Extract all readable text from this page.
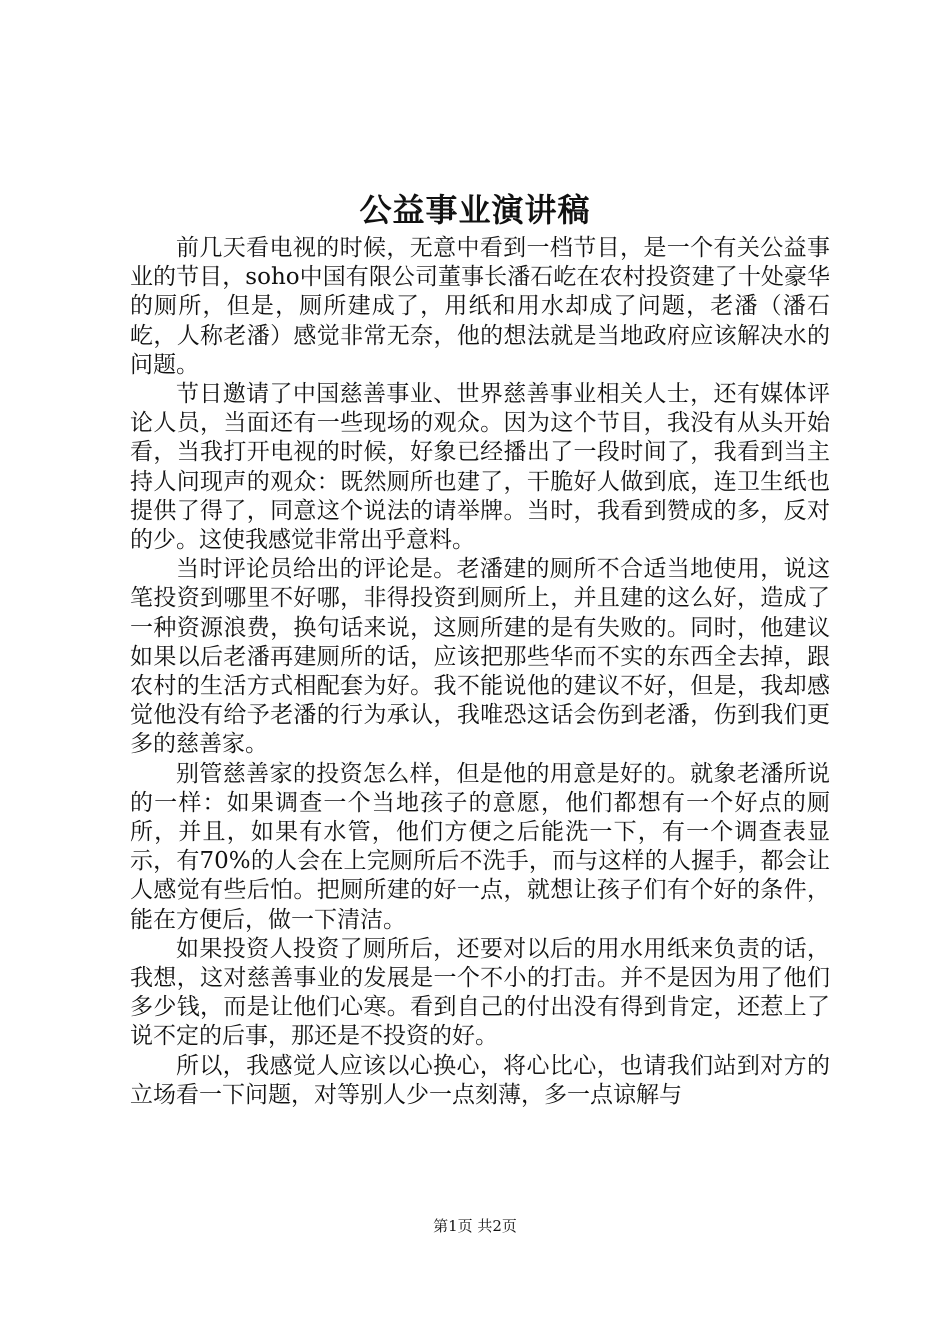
公益事业演讲稿

前几天看电视的时候，无意中看到一档节目，是一个有关公益事业的节目，soho中国有限公司董事长潘石屹在农村投资建了十处豪华的厕所，但是，厕所建成了，用纸和用水却成了问题，老潘（潘石屹，人称老潘）感觉非常无奈，他的想法就是当地政府应该解决水的问题。

节日邀请了中国慈善事业、世界慈善事业相关人士，还有媒体评论人员，当面还有一些现场的观众。因为这个节目，我没有从头开始看，当我打开电视的时候，好象已经播出了一段时间了，我看到当主持人问现声的观众：既然厕所也建了，干脆好人做到底，连卫生纸也提供了得了，同意这个说法的请举牌。当时，我看到赞成的多，反对的少。这使我感觉非常出乎意料。

当时评论员给出的评论是。老潘建的厕所不合适当地使用，说这笔投资到哪里不好哪，非得投资到厕所上，并且建的这么好，造成了一种资源浪费，换句话来说，这厕所建的是有失败的。同时，他建议如果以后老潘再建厕所的话，应该把那些华而不实的东西全去掉，跟农村的生活方式相配套为好。我不能说他的建议不好，但是，我却感觉他没有给予老潘的行为承认，我唯恐这话会伤到老潘，伤到我们更多的慈善家。

别管慈善家的投资怎么样，但是他的用意是好的。就象老潘所说的一样：如果调查一个当地孩子的意愿，他们都想有一个好点的厕所，并且，如果有水管，他们方便之后能洗一下，有一个调查表显示，有70%的人会在上完厕所后不洗手，而与这样的人握手，都会让人感觉有些后怕。把厕所建的好一点，就想让孩子们有个好的条件，能在方便后，做一下清洁。

如果投资人投资了厕所后，还要对以后的用水用纸来负责的话，我想，这对慈善事业的发展是一个不小的打击。并不是因为用了他们多少钱，而是让他们心寒。看到自己的付出没有得到肯定，还惹上了说不定的后事，那还是不投资的好。

所以，我感觉人应该以心换心，将心比心，也请我们站到对方的立场看一下问题，对等别人少一点刻薄，多一点谅解与

第1页 共2页
